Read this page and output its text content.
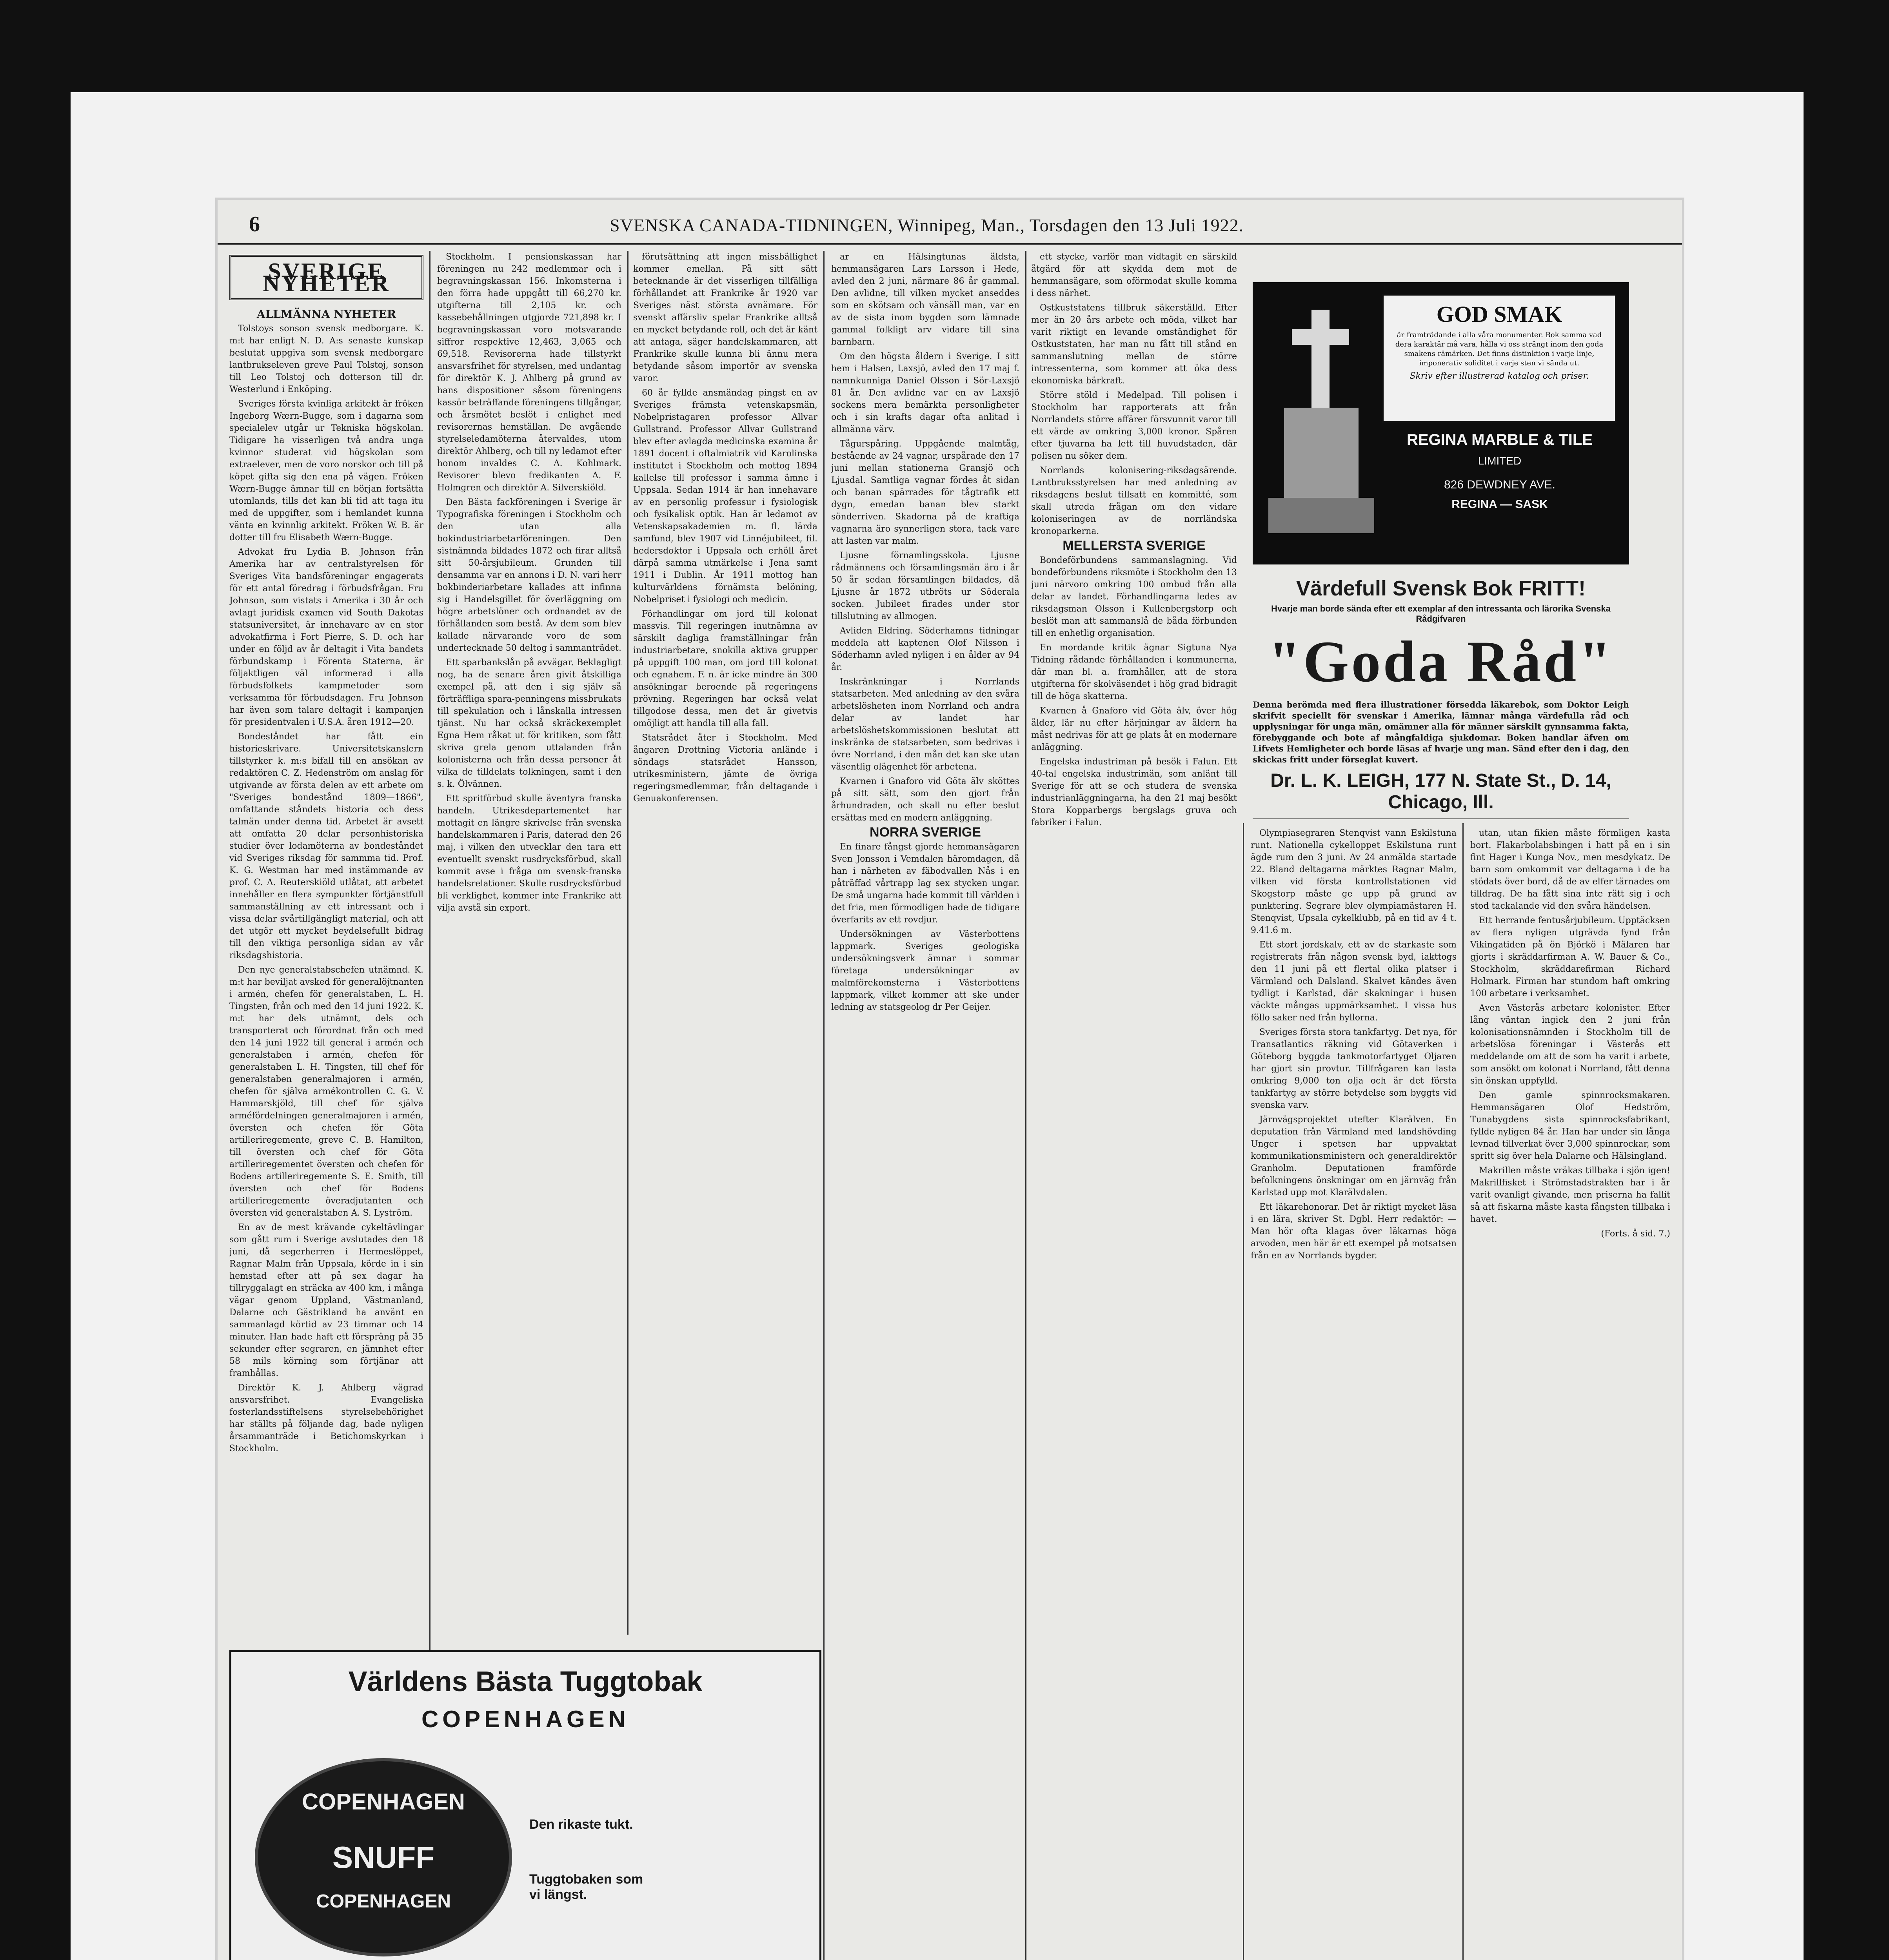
6	SVENSKA CANADA-TIDNINGEN, Winnipeg, Man., Torsdagen den 13 Juli 1922.
SVERIGE NYHETER

ALLMÄNNA NYHETER

Tolstoys sonson svensk medborgare. K. m:t har enligt N. D. A:s senaste kunskap beslutat uppgiva som svensk medborgare lantbrukseleven greve Paul Tolstoj, sonson till Leo Tolstoj och dotterson till dr. Westerlund i Enköping.

Sveriges första kvinliga arkitekt är fröken Ingeborg Wærn-Bugge, som i dagarna som specialelev utgår ur Tekniska högskolan. Tidigare ha visserligen två andra unga kvinnor studerat vid högskolan som extraelever, men de voro norskor och till på köpet gifta sig den ena på vägen. Fröken Wærn-Bugge ämnar till en början fortsätta utomlands, tills det kan bli tid att taga itu med de uppgifter, som i hemlandet kunna vänta en kvinnlig arkitekt. Fröken W. B. är dotter till fru Elisabeth Wærn-Bugge.

Advokat fru Lydia B. Johnson från Amerika har av centralstyrelsen för Sveriges Vita bandsföreningar engagerats för ett antal föredrag i förbudsfrågan. Fru Johnson, som vistats i Amerika i 30 år och avlagt juridisk examen vid South Dakotas statsuniversitet, är innehavare av en stor advokatfirma i Fort Pierre, S. D. och har under en följd av år deltagit i Vita bandets förbundskamp i Förenta Staterna, är följaktligen väl informerad i alla förbudsfolkets kampmetoder som verksamma för förbudsdagen. Fru Johnson har även som talare deltagit i kampanjen för presidentvalen i U.S.A. åren 1912—20.

Bondeståndet har fått ein historieskrivare. Universitetskanslern tillstyrker k. m:s bifall till en ansökan av redaktören C. Z. Hedenström om anslag för utgivande av första delen av ett arbete om "Sveriges bondestånd 1809—1866", omfattande ståndets historia och dess talmän under denna tid. Arbetet är avsett att omfatta 20 delar personhistoriska studier över lodamöterna av bondeståndet vid Sveriges riksdag för sammma tid. Prof. K. G. Westman har med instämmande av prof. C. A. Reuterskiöld utlåtat, att arbetet innehåller en flera sympunkter förtjänstfull sammanställning av ett intressant och i vissa delar svårtillgängligt material, och att det utgör ett mycket beydelsefullt bidrag till den viktiga personliga sidan av vår riksdagshistoria.

Den nye generalstabschefen utnämnd. K. m:t har beviljat avsked för generalöjtnanten i armén, chefen för generalstaben, L. H. Tingsten, från och med den 14 juni 1922. K. m:t har dels utnämnt, dels och transporterat och förordnat från och med den 14 juni 1922 till general i armén och generalstaben i armén, chefen för generalstaben L. H. Tingsten, till chef för generalstaben generalmajoren i armén, chefen för själva armékontrollen C. G. V. Hammarskjöld, till chef för själva arméfördelningen generalmajoren i armén, översten och chefen för Göta artilleriregemente, greve C. B. Hamilton, till översten och chef för Göta artilleriregementet översten och chefen för Bodens artilleriregemente S. E. Smith, till översten och chef för Bodens artilleriregemente överadjutanten och översten vid generalstaben A. S. Lyström.

En av de mest krävande cykeltävlingar som gått rum i Sverige avslutades den 18 juni, då segerherren i Hermeslöppet, Ragnar Malm från Uppsala, körde in i sin hemstad efter att på sex dagar ha tillryggalagt en sträcka av 400 km, i många vägar genom Uppland, Västmanland, Dalarne och Gästrikland ha använt en sammanlagd körtid av 23 timmar och 14 minuter. Han hade haft ett förspräng på 35 sekunder efter segraren, en jämnhet efter 58 mils körning som förtjänar att framhållas.

Direktör K. J. Ahlberg vägrad ansvarsfrihet. Evangeliska fosterlandsstiftelsens styrelsebehörighet har ställts på följande dag, bade nyligen årsammanträde i Betichomskyrkan i Stockholm.

Stockholm. I pensionskassan har föreningen nu 242 medlemmar och i begravningskassan 156. Inkomsterna i den förra hade uppgått till 66,270 kr. utgifterna till 2,105 kr. och kassebehållningen utgjorde 721,898 kr. I begravningskassan voro motsvarande siffror respektive 12,463, 3,065 och 69,518. Revisorerna hade tillstyrkt ansvarsfrihet för styrelsen, med undantag för direktör K. J. Ahlberg på grund av hans dispositioner såsom föreningens kassör beträffande föreningens tillgångar, och årsmötet beslöt i enlighet med revisorernas hemställan. De avgående styrelseledamöterna återvaldes, utom direktör Ahlberg, och till ny ledamot efter honom invaldes C. A. Kohlmark. Revisorer blevo fredikanten A. F. Holmgren och direktör A. Silverskiöld.

Den Bästa fackföreningen i Sverige är Typografiska föreningen i Stockholm och den utan alla bokindustriarbetarföreningen. Den sistnämnda bildades 1872 och firar alltså sitt 50-årsjubileum. Grunden till densamma var en annons i D. N. vari herr bokbinderiarbetare kallades att infinna sig i Handelsgillet för överläggning om högre arbetslöner och ordnandet av de förhållanden som bestå. Av dem som blev kallade närvarande voro de som undertecknade 50 deltog i sammanträdet.

Ett sparbankslån på avvägar. Beklagligt nog, ha de senare åren givit åtskilliga exempel på, att den i sig själv så förträffliga spara-penningens missbrukats till spekulation och i lånskalla intressen tjänst. Nu har också skräckexemplet Egna Hem råkat ut för kritiken, som fått skriva grela genom uttalanden från kolonisterna och från dessa personer åt vilka de tilldelats tolkningen, samt i den s. k. Ölvännen.

Ett spritförbud skulle äventyra franska handeln. Utrikesdepartementet har mottagit en längre skrivelse från svenska handelskammaren i Paris, daterad den 26 maj, i vilken den utvecklar den tara ett eventuellt svenskt rusdrycksförbud, skall kommit avse i fråga om svensk-franska handelsrelationer. Skulle rusdrycksförbud bli verklighet, kommer inte Frankrike att vilja avstå sin export.

förutsättning att ingen missbällighet kommer emellan. På sitt sätt betecknande är det visserligen tillfälliga förhållandet att Frankrike år 1920 var Sveriges näst största avnämare. För svenskt affärsliv spelar Frankrike alltså en mycket betydande roll, och det är känt att antaga, säger handelskammaren, att Frankrike skulle kunna bli ännu mera betydande såsom importör av svenska varor.

60 år fyllde ansmändag pingst en av Sveriges främsta vetenskapsmän, Nobelpristagaren professor Allvar Gullstrand. Professor Allvar Gullstrand blev efter avlagda medicinska examina år 1891 docent i oftalmiatrik vid Karolinska institutet i Stockholm och mottog 1894 kallelse till professor i samma ämne i Uppsala. Sedan 1914 är han innehavare av en personlig professur i fysiologisk och fysikalisk optik. Han är ledamot av Vetenskapsakademien m. fl. lärda samfund, blev 1907 vid Linnéjubileet, fil. hedersdoktor i Uppsala och erhöll året därpå samma utmärkelse i Jena samt 1911 i Dublin. År 1911 mottog han kulturvärldens förnämsta belöning, Nobelpriset i fysiologi och medicin.

Förhandlingar om jord till kolonat massvis. Till regeringen inutnämna av särskilt dagliga framställningar från industriarbetare, snokilla aktiva grupper på uppgift 100 man, om jord till kolonat och egnahem. F. n. är icke mindre än 300 ansökningar beroende på regeringens prövning. Regeringen har också velat tillgodose dessa, men det är givetvis omöjligt att handla till alla fall.

Statsrådet åter i Stockholm. Med ångaren Drottning Victoria anlände i söndags statsrådet Hansson, utrikesministern, jämte de övriga regeringsmedlemmar, från deltagande i Genuakonferensen.

Världens Bästa Tuggtobak
COPENHAGEN
COPENHAGEN
SNUFF
COPENHAGEN
Den rikaste tukt.
Tuggtobaken som vi längst.

ar en Hälsingtunas äldsta, hemmansägaren Lars Larsson i Hede, avled den 2 juni, närmare 86 år gammal. Den avlidne, till vilken mycket anseddes som en skötsam och vänsäll man, var en av de sista inom bygden som lämnade gammal folkligt arv vidare till sina barnbarn.

Om den högsta åldern i Sverige. I sitt hem i Halsen, Laxsjö, avled den 17 maj f. namnkunniga Daniel Olsson i Sör-Laxsjö 81 år. Den avlidne var en av Laxsjö sockens mera bemärkta personligheter och i sin krafts dagar ofta anlitad i allmänna värv.

Tågurspåring. Uppgående malmtåg, bestående av 24 vagnar, urspårade den 17 juni mellan stationerna Gransjö och Ljusdal. Samtliga vagnar fördes åt sidan och banan spärrades för tågtrafik ett dygn, emedan banan blev starkt sönderriven. Skadorna på de kraftiga vagnarna äro synnerligen stora, tack vare att lasten var malm.

Ljusne förnamlingsskola. Ljusne rådmännens och församlingsmän äro i år 50 år sedan församlingen bildades, då Ljusne år 1872 utbröts ur Söderala socken. Jubileet firades under stor tillslutning av allmogen.

Avliden Eldring. Söderhamns tidningar meddela att kaptenen Olof Nilsson i Söderhamn avled nyligen i en ålder av 94 år.

Inskränkningar i Norrlands statsarbeten. Med anledning av den svåra arbetslösheten inom Norrland och andra delar av landet har arbetslöshetskommissionen beslutat att inskränka de statsarbeten, som bedrivas i övre Norrland, i den mån det kan ske utan väsentlig olägenhet för arbetena.

Kvarnen i Gnaforo vid Göta älv sköttes på sitt sätt, som den gjort från århundraden, och skall nu efter beslut ersättas med en modern anläggning.

NORRA SVERIGE

En finare fångst gjorde hemmansägaren Sven Jonsson i Vemdalen häromdagen, då han i närheten av fäbodvallen Nås i en påträffad vårtrapp lag sex stycken ungar. De små ungarna hade kommit till världen i det fria, men förmodligen hade de tidigare överfarits av ett rovdjur.

Undersökningen av Västerbottens lappmark. Sveriges geologiska undersökningsverk ämnar i sommar företaga undersökningar av malmförekomsterna i Västerbottens lappmark, vilket kommer att ske under ledning av statsgeolog dr Per Geijer.

ett stycke, varför man vidtagit en särskild åtgärd för att skydda dem mot de hemmansägare, som oförmodat skulle komma i dess närhet.

Ostkuststatens tillbruk säkerställd. Efter mer än 20 års arbete och möda, vilket har varit riktigt en levande omständighet för Ostkuststaten, har man nu fått till stånd en sammanslutning mellan de större intressenterna, som kommer att öka dess ekonomiska bärkraft.

Större stöld i Medelpad. Till polisen i Stockholm har rapporterats att från Norrlandets större affärer försvunnit varor till ett värde av omkring 3,000 kronor. Spåren efter tjuvarna ha lett till huvudstaden, där polisen nu söker dem.

Norrlands kolonisering-riksdagsärende. Lantbruksstyrelsen har med anledning av riksdagens beslut tillsatt en kommitté, som skall utreda frågan om den vidare koloniseringen av de norrländska kronoparkerna.

MELLERSTA SVERIGE

Bondeförbundens sammanslagning. Vid bondeförbundens riksmöte i Stockholm den 13 juni närvoro omkring 100 ombud från alla delar av landet. Förhandlingarna ledes av riksdagsman Olsson i Kullenbergstorp och beslöt man att sammanslå de båda förbunden till en enhetlig organisation.

En mordande kritik ägnar Sigtuna Nya Tidning rådande förhållanden i kommunerna, där man bl. a. framhåller, att de stora utgifterna för skolväsendet i hög grad bidragit till de höga skatterna.

Kvarnen å Gnaforo vid Göta älv, över hög ålder, lär nu efter härjningar av åldern ha måst nedrivas för att ge plats åt en modernare anläggning.

Engelska industriman på besök i Falun. Ett 40-tal engelska industrimän, som anlänt till Sverige för att se och studera de svenska industrianläggningarna, ha den 21 maj besökt Stora Kopparbergs bergslags gruva och fabriker i Falun.

GOD SMAK
är framträdande i alla våra monumenter. Bok samma vad dera karaktär må vara, hålla vi oss strängt inom den goda smakens rämärken. Det finns distinktion i varje linje, imponerativ soliditet i varje sten vi sända ut.
Skriv efter illustrerad katalog och priser.
REGINA MARBLE & TILE
LIMITED
826 DEWDNEY AVE.
REGINA — SASK
Värdefull Svensk Bok FRITT!
Hvarje man borde sända efter ett exemplar af den intressanta och lärorika Svenska Rådgifvaren
"Goda Råd"
Denna berömda med flera illustrationer försedda läkarebok, som Doktor Leigh skrifvit speciellt för svenskar i Amerika, lämnar många värdefulla råd och upplysningar för unga män, omämner alla för männer särskilt gynnsamma fakta, förebyggande och bote af mångfaldiga sjukdomar. Boken handlar äfven om Lifvets Hemligheter och borde läsas af hvarje ung man. Sänd efter den i dag, den skickas fritt under förseglat kuvert.
Dr. L. K. LEIGH, 177 N. State St., D. 14, Chicago, Ill.

Olympiasegraren Stenqvist vann Eskilstuna runt. Nationella cykelloppet Eskilstuna runt ägde rum den 3 juni. Av 24 anmälda startade 22. Bland deltagarna märktes Ragnar Malm, vilken vid första kontrollstationen vid Skogstorp måste ge upp på grund av punktering. Segrare blev olympiamästaren H. Stenqvist, Upsala cykelklubb, på en tid av 4 t. 9.41.6 m.

Ett stort jordskalv, ett av de starkaste som registrerats från någon svensk byd, iakttogs den 11 juni på ett flertal olika platser i Värmland och Dalsland. Skalvet kändes även tydligt i Karlstad, där skakningar i husen väckte mångas uppmärksamhet. I vissa hus föllo saker ned från hyllorna.

Sveriges första stora tankfartyg. Det nya, för Transatlantics räkning vid Götaverken i Göteborg byggda tankmotorfartyget Oljaren har gjort sin provtur. Tillfrågaren kan lasta omkring 9,000 ton olja och är det första tankfartyg av större betydelse som byggts vid svenska varv.

Järnvägsprojektet utefter Klarälven. En deputation från Värmland med landshövding Unger i spetsen har uppvaktat kommunikationsministern och generaldirektör Granholm. Deputationen framförde befolkningens önskningar om en järnväg från Karlstad upp mot Klarälvdalen.

Ett läkarehonorar. Det är riktigt mycket läsa i en lära, skriver St. Dgbl. Herr redaktör: — Man hör ofta klagas över läkarnas höga arvoden, men här är ett exempel på motsatsen från en av Norrlands bygder.

utan, utan fikien måste förmligen kasta bort. Flakarbolabsbingen i hatt på en i sin fint Hager i Kunga Nov., men mesdykatz. De barn som omkommit var deltagarna i de ha stödats över bord, då de av elfer tärnades om tilldrag. De ha fått sina inte rätt sig i och stod tackalande vid den svåra händelsen.

Ett herrande fentusårjubileum. Upptäcksen av flera nyligen utgrävda fynd från Vikingatiden på ön Björkö i Mälaren har gjorts i skräddarfirman A. W. Bauer & Co., Stockholm, skräddarefirman Richard Holmark. Firman har stundom haft omkring 100 arbetare i verksamhet.

Aven Västerås arbetare kolonister. Efter lång väntan ingick den 2 juni från kolonisationsnämnden i Stockholm till de arbetslösa föreningar i Västerås ett meddelande om att de som ha varit i arbete, som ansökt om kolonat i Norrland, fått denna sin önskan uppfylld.

Den gamle spinnrocksmakaren. Hemmansägaren Olof Hedström, Tunabygdens sista spinnrocksfabrikant, fyllde nyligen 84 år. Han har under sin långa levnad tillverkat över 3,000 spinnrockar, som spritt sig över hela Dalarne och Hälsingland.

Makrillen måste vräkas tillbaka i sjön igen! Makrillfisket i Strömstadstrakten har i år varit ovanligt givande, men priserna ha fallit så att fiskarna måste kasta fångsten tillbaka i havet.

(Forts. å sid. 7.)
